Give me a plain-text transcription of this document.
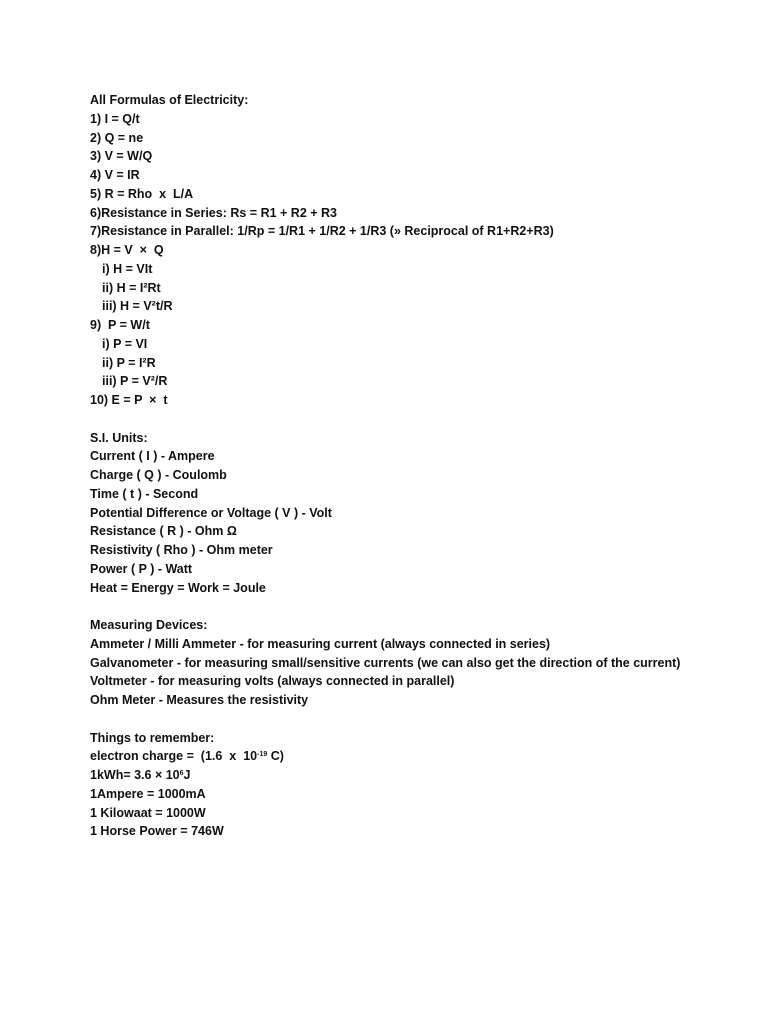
All Formulas of Electricity:
1) I = Q/t
2) Q = ne
3) V = W/Q
4) V = IR
5) R = Rho  x  L/A
6)Resistance in Series: Rs = R1 + R2 + R3
7)Resistance in Parallel: 1/Rp = 1/R1 + 1/R2 + 1/R3 (» Reciprocal of R1+R2+R3)
8)H = V  ×  Q
i) H = VIt
ii) H = I²Rt
iii) H = V²t/R
9)  P = W/t
i) P = VI
ii) P = I²R
iii) P = V²/R
10) E = P  ×  t
S.I. Units:
Current ( I ) - Ampere
Charge ( Q ) - Coulomb
Time ( t ) - Second
Potential Difference or Voltage ( V ) - Volt
Resistance ( R ) - Ohm Ω
Resistivity ( Rho ) - Ohm meter
Power ( P ) - Watt
Heat = Energy = Work = Joule
Measuring Devices:
Ammeter / Milli Ammeter - for measuring current (always connected in series)
Galvanometer - for measuring small/sensitive currents (we can also get the direction of the current)
Voltmeter - for measuring volts (always connected in parallel)
Ohm Meter - Measures the resistivity
Things to remember:
electron charge =  (1.6  x  $10^{-19}$ C)
$1kWh= 3.6 \times 10^6J$
1Ampere = 1000mA
1 Kilowaat = 1000W
1 Horse Power = 746W
